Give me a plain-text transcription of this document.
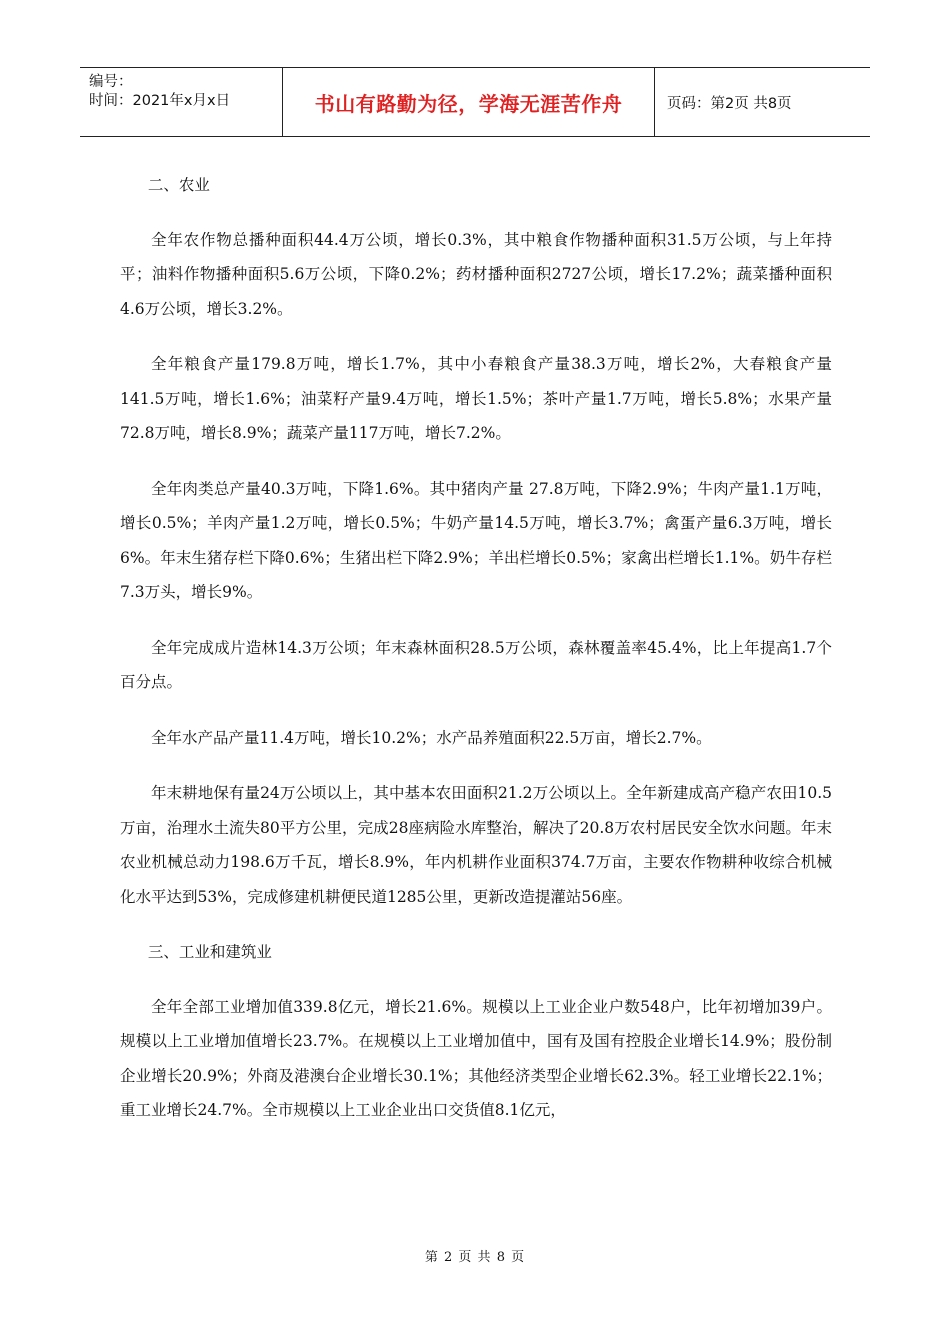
编号：
时间：2021年x月x日	书山有路勤为径，学海无涯苦作舟	页码：第2页 共8页

二、农业

全年农作物总播种面积44.4万公顷，增长0.3%，其中粮食作物播种面积31.5万公顷，与上年持平；油料作物播种面积5.6万公顷，下降0.2%；药材播种面积2727公顷，增长17.2%；蔬菜播种面积4.6万公顷，增长3.2%。

全年粮食产量179.8万吨，增长1.7%，其中小春粮食产量38.3万吨，增长2%，大春粮食产量141.5万吨，增长1.6%；油菜籽产量9.4万吨，增长1.5%；茶叶产量1.7万吨，增长5.8%；水果产量72.8万吨，增长8.9%；蔬菜产量117万吨，增长7.2%。

全年肉类总产量40.3万吨，下降1.6%。其中猪肉产量 27.8万吨，下降2.9%；牛肉产量1.1万吨，增长0.5%；羊肉产量1.2万吨，增长0.5%；牛奶产量14.5万吨，增长3.7%；禽蛋产量6.3万吨，增长6%。年末生猪存栏下降0.6%；生猪出栏下降2.9%；羊出栏增长0.5%；家禽出栏增长1.1%。奶牛存栏7.3万头，增长9%。

全年完成成片造林14.3万公顷；年末森林面积28.5万公顷，森林覆盖率45.4%，比上年提高1.7个百分点。

全年水产品产量11.4万吨，增长10.2%；水产品养殖面积22.5万亩，增长2.7%。

年末耕地保有量24万公顷以上，其中基本农田面积21.2万公顷以上。全年新建成高产稳产农田10.5万亩，治理水土流失80平方公里，完成28座病险水库整治，解决了20.8万农村居民安全饮水问题。年末农业机械总动力198.6万千瓦，增长8.9%，年内机耕作业面积374.7万亩，主要农作物耕种收综合机械化水平达到53%，完成修建机耕便民道1285公里，更新改造提灌站56座。

三、工业和建筑业

全年全部工业增加值339.8亿元，增长21.6%。规模以上工业企业户数548户，比年初增加39户。规模以上工业增加值增长23.7%。在规模以上工业增加值中，国有及国有控股企业增长14.9%；股份制企业增长20.9%；外商及港澳台企业增长30.1%；其他经济类型企业增长62.3%。轻工业增长22.1%；重工业增长24.7%。全市规模以上工业企业出口交货值8.1亿元，

第 2 页 共 8 页
